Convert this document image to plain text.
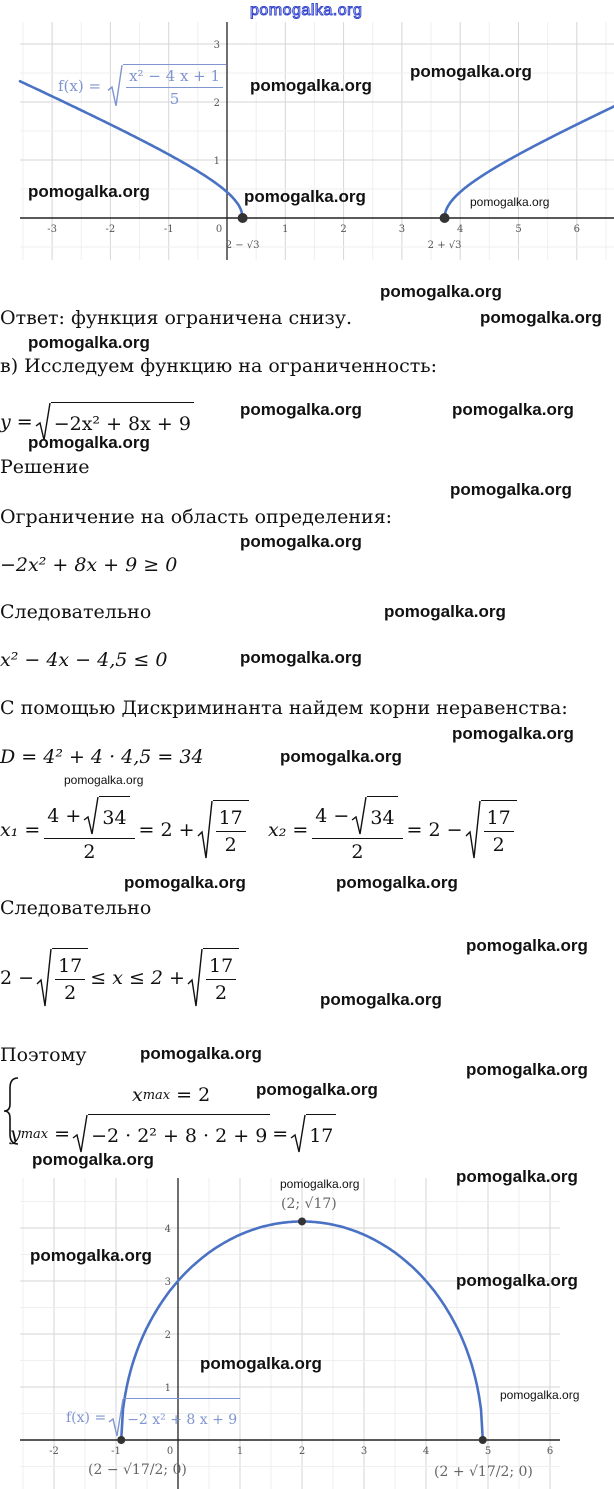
pomogalka.org
-3	-2	-1	0	1	2	3	4	5	6
1
2
3
2 − √3	2 + √3
$f(x) = \frac{\text{x² − 4 x + 1}}{5}$
Ответ: функция ограничена снизу.
в) Исследуем функцию на ограниченность:
y = −2x² + 8x + 9
Решение
Ограничение на область определения:
−2x² + 8x + 9 ≥ 0
Следовательно
x² − 4x − 4,5 ≤ 0
С помощью Дискриминанта найдем корни неравенства:
D = 4² + 4 · 4,5 = 34
$x_1 = \frac{4 + 34}{2} = 2 + \frac{17}{2} x_2 = \frac{4 - 34}{2} = 2 - \frac{17}{2}$
Следовательно
$2 - \frac{17}{2} \le x \le 2 + \frac{17}{2}$
Поэтому
x max = 2
y max = −2 · 2² + 8 · 2 + 9 = 17
-2	-1	0	1	2	3	4	5	6
1
2
3
4
f(x) = −2 x² + 8 x + 9
(2; √17)
(2 − √17/2; 0)	(2 + √17/2; 0)
pomogalka.org
pomogalka.org
pomogalka.org	pomogalka.org	pomogalka.org
pomogalka.org
pomogalka.org
pomogalka.org
pomogalka.org	pomogalka.org
pomogalka.org
pomogalka.org
pomogalka.org
pomogalka.org
pomogalka.org
pomogalka.org
pomogalka.org
pomogalka.org
pomogalka.org	pomogalka.org
pomogalka.org
pomogalka.org
pomogalka.org
pomogalka.org
pomogalka.org
pomogalka.org
pomogalka.org
pomogalka.org
pomogalka.org
pomogalka.org
pomogalka.org
pomogalka.org
